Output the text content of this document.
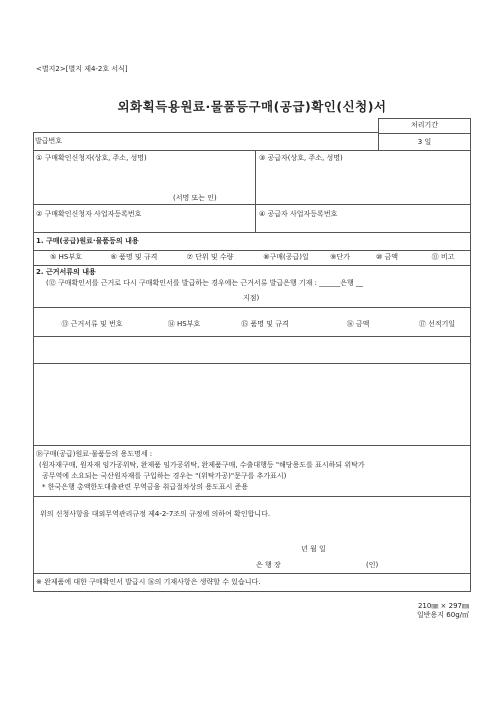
<별지2>[별지 제4-2호 서식]
외화획득용원료·물품등구매(공급)확인(신청)서
처리기간
3 일
발급번호
① 구매확인신청자(상호, 주소, 성명)
(서명 또는 인)
③ 공급자(상호, 주소, 성명)
② 구매확인신청자 사업자등록번호	④ 공급자 사업자등록번호
1. 구매(공급)원료·물품등의 내용
⑤ HS부호	⑥ 품명 및 규격	⑦ 단위 및 수량	⑧구매(공급)일	⑨단가	⑩ 금액	⑪ 비고
2. 근거서류의 내용
(⑫ 구매확인서를 근거로 다시 구매확인서를 발급하는 경우에는 근거서류 발급은행 기재 : ______은행 __
지점)
⑬ 근거서류 및 번호	⑭ HS부호	⑮ 품명 및 규격	⑯ 금액	⑰ 선적기일
⑱구매(공급)원료·물품등의 용도명세 :
(원자재구매, 원자재 임가공위탁, 완제품 임가공위탁, 완제품구매, 수출대행등 "해당용도를 표시하되 위탁가
공무역에 소요되는 국산원자재를 구입하는 경우는 "(위탁가공)"문구를 추가표시)
* 한국은행 총액한도대출관련 무역금융 취급절차상의 용도표시 준용
위의 신청사항을 대외무역관리규정 제4-2-7조의 규정에 의하여 확인합니다.
년 월 일
은 행 장	(인)
※ 완제품에 대한 구매확인서 발급시 ⑯의 기재사항은 생략할 수 있습니다.
210㎜ × 297㎜
일반용지 60g/㎡
